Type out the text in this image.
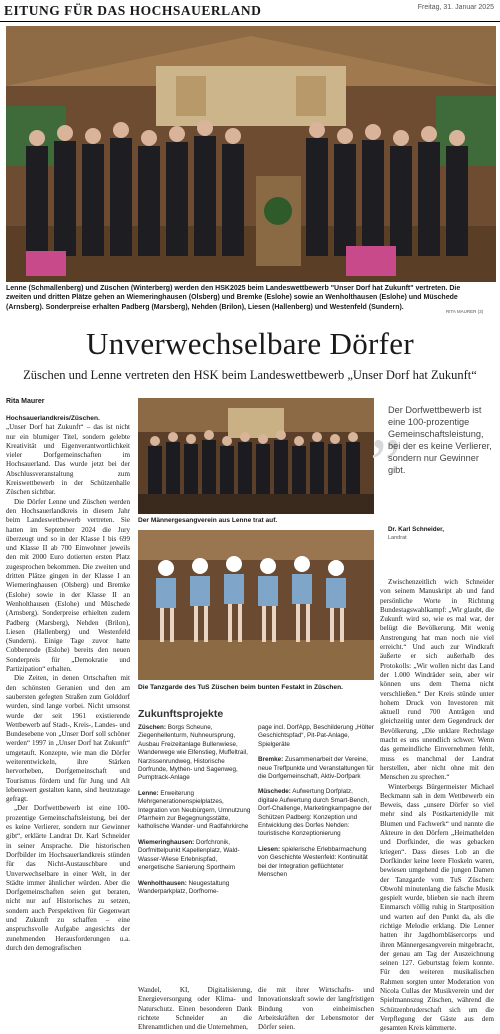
EITUNG FÜR DAS HOCHSAUERLAND	Freitag, 31. Januar 2025
Lenne (Schmallenberg) und Züschen (Winterberg) werden den HSK2025 beim Landeswettbewerb "Unser Dorf hat Zukunft" vertreten. Die zweiten und dritten Plätze gehen an Wiemeringhausen (Olsberg) und Bremke (Eslohe) sowie an Wenholthausen (Eslohe) und Müschede (Arnsberg). Sonderpreise erhalten Padberg (Marsberg), Nehden (Brilon), Liesen (Hallenberg) und Westenfeld (Sundern).
RITA MAURER (3)
Unverwechselbare Dörfer
Züschen und Lenne vertreten den HSK beim Landeswettbewerb „Unser Dorf hat Zukunft“
Rita Maurer

Hochsauerlandkreis/Züschen.

„Unser Dorf hat Zukunft“ – das ist nicht nur ein blumiger Titel, sondern gelebte Kreativität und Eigenverantwortlichkeit vieler Dorfgemeinschaften im Hochsauerland. Das wurde jetzt bei der Abschlussveranstaltung zum Kreiswettbewerb in der Schützenhalle Züschen sichtbar.

Die Dörfer Lenne und Züschen werden den Hochsauerlandkreis in diesem Jahr beim Landeswettbewerb vertreten. Sie hatten im September 2024 die Jury überzeugt und so in der Klasse I bis 699 und Klasse II ab 700 Einwohner jeweils den mit 2000 Euro dotierten ersten Platz zugesprochen bekommen. Die zweiten und dritten Plätze gingen in der Klasse I an Wiemeringhausen (Olsberg) und Bremke (Eslohe) sowie in der Klasse II an Wenholthausen (Eslohe) und Müschede (Arnsberg). Sonderpreise erhielten zudem Padberg (Marsberg), Nehden (Brilon), Liesen (Hallenberg) und Westenfeld (Sundern). Einige Tage zuvor hatte Cobbenrode (Eslohe) bereits den neuen Sonderpreis für „Demokratie und Partizipation“ erhalten.

Die Zeiten, in denen Ortschaften mit den schönsten Geranien und den am saubersten gefegten Straßen zum Golddorf wurden, sind lange vorbei. Nicht umsonst wurde der seit 1961 existierende Wettbewerb auf Stadt-, Kreis-, Landes- und Bundesebene von „Unser Dorf soll schöner werden“ 1997 in „Unser Dorf hat Zukunft“ umgetauft. Konzepte, wie man die Dörfer weiterentwickeln, ihre Stärken hervorheben, Dorfgemeinschaft und Tourismus fördern und für Jung und Alt lebenswert gestalten kann, sind heutzutage gefragt.

„Der Dorfwettbewerb ist eine 100-prozentige Gemeinschaftsleistung, bei der es keine Verlierer, sondern nur Gewinner gibt“, erklärte Landrat Dr. Karl Schneider in seiner Ansprache. Die historischen Dorfbilder im Hochsauerlandkreis stünden für das Nicht-Austauschbare und Unverwechselbare in einer Welt, in der Städte immer ähnlicher würden. Aber die Dorfgemeinschaften seien gut beraten, nicht nur auf Historisches zu setzen, sondern auch Perspektiven für Gegenwart und Zukunft zu schaffen – eine anspruchsvolle Aufgabe angesichts der zunehmenden Herausforderungen u.a. durch den demografischen

Der Männergesangverein aus Lenne trat auf.
Die Tanzgarde des TuS Züschen beim bunten Festakt in Züschen.
„
Der Dorfwettbewerb ist eine 100-prozentige Gemeinschaftsleistung, bei der es keine Verlierer, sondern nur Gewinner gibt.
Dr. Karl Schneider,
Landrat

Zwischenzeitlich wich Schneider von seinem Manuskript ab und fand persönliche Worte in Richtung Bundestagswahlkampf: „Wir glaubt, die Zukunft wird so, wie es mal war, der belügt die Bevölkerung. Mit wenig Anstrengung hat man noch nie viel erreicht.“ Und auch zur Windkraft äußerte er sich außerhalb des Protokolls: „Wir wollen nicht das Land der 1.000 Windräder sein, aber wir können uns dem Thema nicht verschließen.“ Der Kreis stünde unter hohem Druck von Investoren mit aktuell rund 700 Anträgen und gleichzeitig unter dem Gegendruck der Bevölkerung. „Die unklare Rechtslage macht es uns unendlich schwer. Wenn das gemeindliche Einvernehmen fehlt, muss es manchmal der Landrat herstellen, aber nicht ohne mit den Menschen zu sprechen.“

Winterbergs Bürgermeister Michael Beckmann sah in dem Wettbewerb ein Beweis, dass „unsere Dörfer so viel mehr sind als Postkartenidylle mit Blumen und Fachwerk“ und nannte die Akteure in den Dörfern „Heimathelden und Dorfkinder, die was gebacken kriegen“. Dass dieses Lob an die Dorfkinder keine leere Floskeln waren, bewiesen umgehend die jungen Damen der Tanzgarde vom TuS Züschen: Obwohl minutenlang die falsche Musik gespielt wurde, blieben sie nach ihrem Einmarsch völlig ruhig in Startposition und warten auf den Punkt da, als die richtige Melodie erklang. Die Lenner hatten ihr Jagdhornbläsercorps und ihren Männergesangverein mitgebracht, der genau am Tag der Auszeichnung seinen 127. Geburtstag feiern konnte. Für den weiteren musikalischen Rahmen sorgten unter Moderation von Nicola Cullas der Musikverein und der Spielmannszug Züschen, während die Schützenbruderschaft sich um die Verpflegung der Gäste aus dem gesamten Kreis kümmerte.

Zukunftsprojekte

Züschen: Borgs Scheune, Ziegenhellenturm, Nuhneursprung, Ausbau Freizeitanlage Bullenwiese, Wanderwege wie Elfenstieg, Muffeltrail, Narzissenrundweg, Historische Dorfrunde, Mythen- und Sagenweg, Pumptrack-Anlage

Lenne: Erweiterung Mehrgenerationenspielplatzes, Integration von Neubürgern, Umnutzung Pfarrheim zur Begegnungsstätte, katholische Wander- und Radfahrkirche

Wiemeringhausen: Dorfchronik, Dorfmittelpunkt Kapellenplatz, Wald-Wasser-Wiese Erlebnispfad, energetische Sanierung Sportheim

Wenholthausen: Neugestaltung Wanderparkplatz, Dorfhome-

page incl. DorfApp, Beschilderung „Hölter Geschichtspfad“, Pit-Pat-Anlage, Spielgeräte

Bremke: Zusammenarbeit der Vereine, neue Treffpunkte und Veranstaltungen für die Dorfgemeinschaft, Aktiv-Dorfpark

Müschede: Aufwertung Dorfplatz, digitale Aufwertung durch Smart-Bench, Dorf-Challenge, Marketingkampagne der Schützen Padberg: Konzeption und Entwicklung des Dorfes Nehden: touristische Konzeptionierung

Liesen: spielerische Erlebbarmachung von Geschichte Westenfeld: Kontinuität bei der Integration geflüchteter Menschen

Wandel, KI, Digitalisierung, Energieversorgung oder Klima- und Naturschutz. Einen besonderen Dank richtete Schneider an die Ehrenamtlichen und die Unternehmen,
die mit ihrer Wirtschafts- und Innovationskraft sowie der langfristigen Bindung von einheimischen Arbeitskräften der Lebensmotor der Dörfer seien.
